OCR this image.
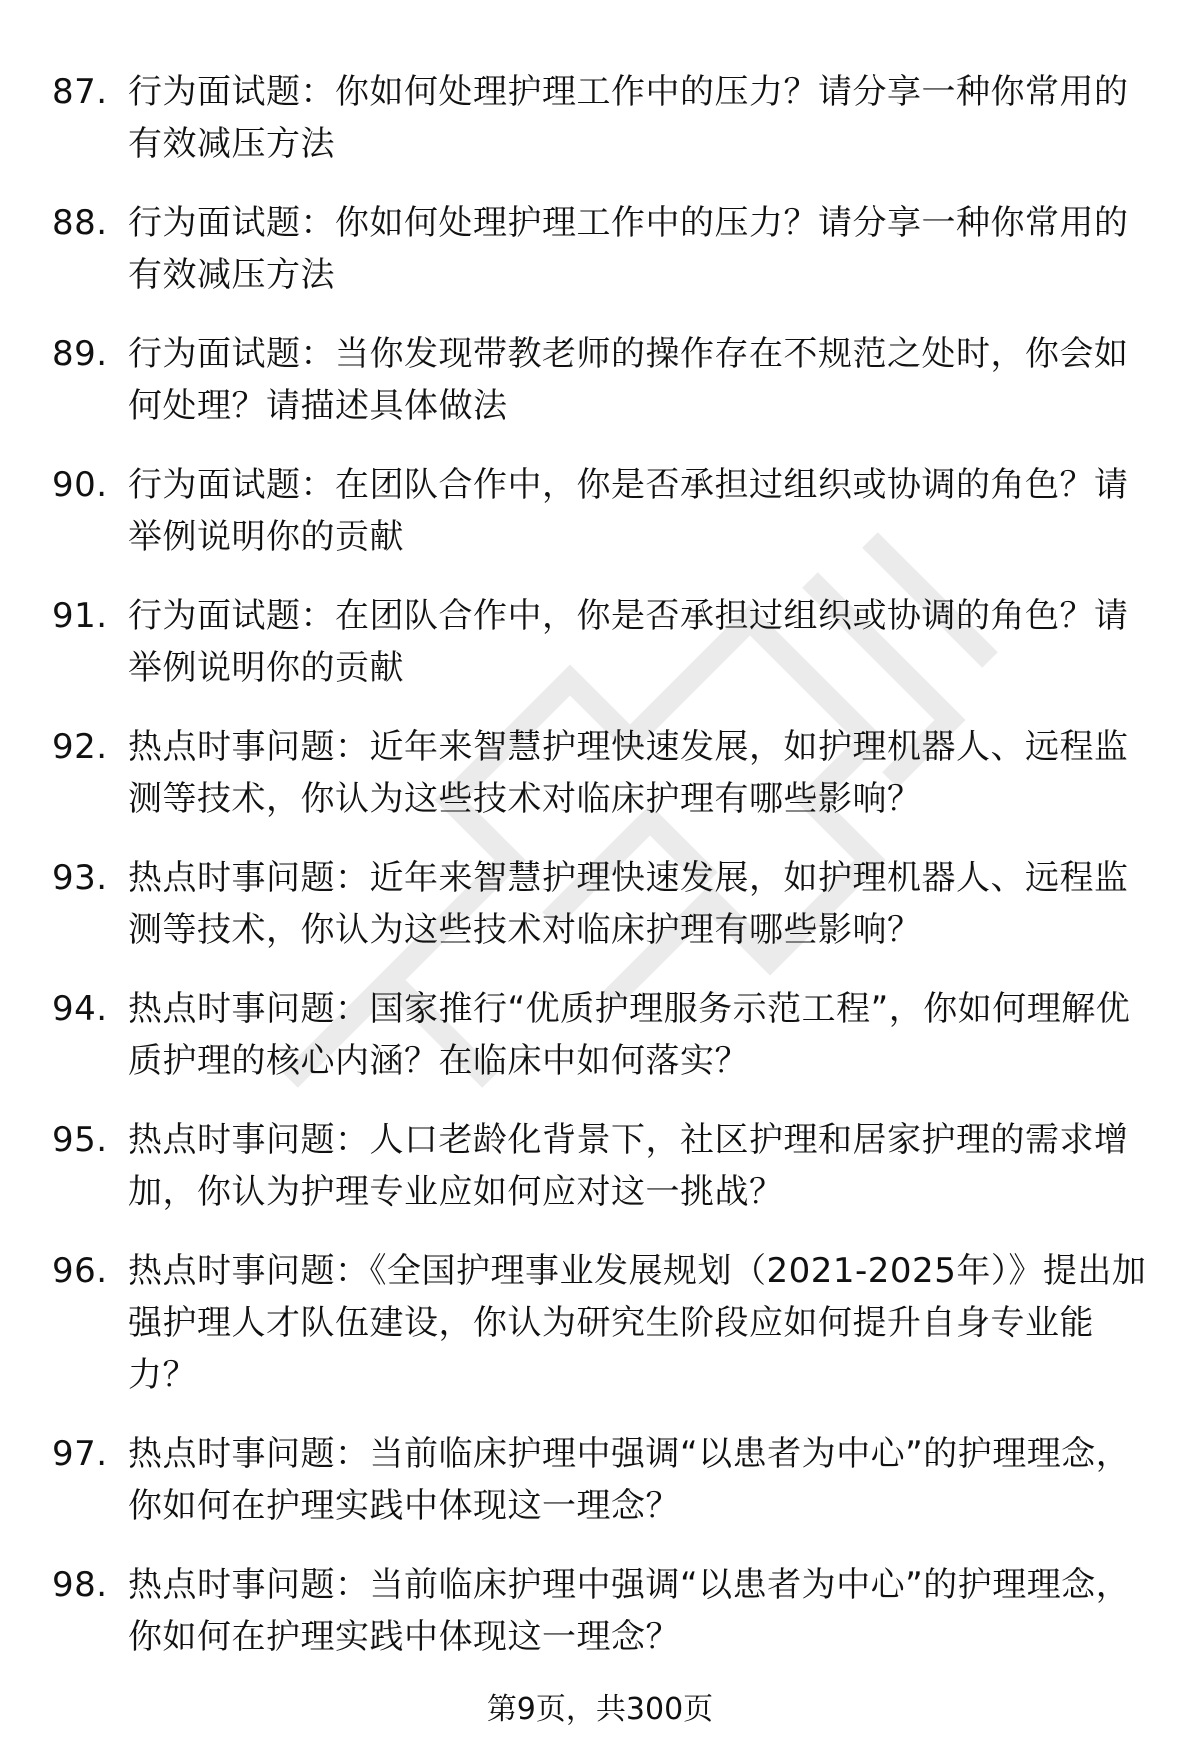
87. 行为面试题：你如何处理护理工作中的压力？请分享一种你常用的有效减压方法
88. 行为面试题：你如何处理护理工作中的压力？请分享一种你常用的有效减压方法
89. 行为面试题：当你发现带教老师的操作存在不规范之处时，你会如何处理？请描述具体做法
90. 行为面试题：在团队合作中，你是否承担过组织或协调的角色？请举例说明你的贡献
91. 行为面试题：在团队合作中，你是否承担过组织或协调的角色？请举例说明你的贡献
92. 热点时事问题：近年来智慧护理快速发展，如护理机器人、远程监测等技术，你认为这些技术对临床护理有哪些影响？
93. 热点时事问题：近年来智慧护理快速发展，如护理机器人、远程监测等技术，你认为这些技术对临床护理有哪些影响？
94. 热点时事问题：国家推行“优质护理服务示范工程”，你如何理解优质护理的核心内涵？在临床中如何落实？
95. 热点时事问题：人口老龄化背景下，社区护理和居家护理的需求增加，你认为护理专业应如何应对这一挑战？
96. 热点时事问题：《全国护理事业发展规划（2021-2025年）》提出加强护理人才队伍建设，你认为研究生阶段应如何提升自身专业能力？
97. 热点时事问题：当前临床护理中强调“以患者为中心”的护理理念，你如何在护理实践中体现这一理念？
98. 热点时事问题：当前临床护理中强调“以患者为中心”的护理理念，你如何在护理实践中体现这一理念？
第9页，共300页
